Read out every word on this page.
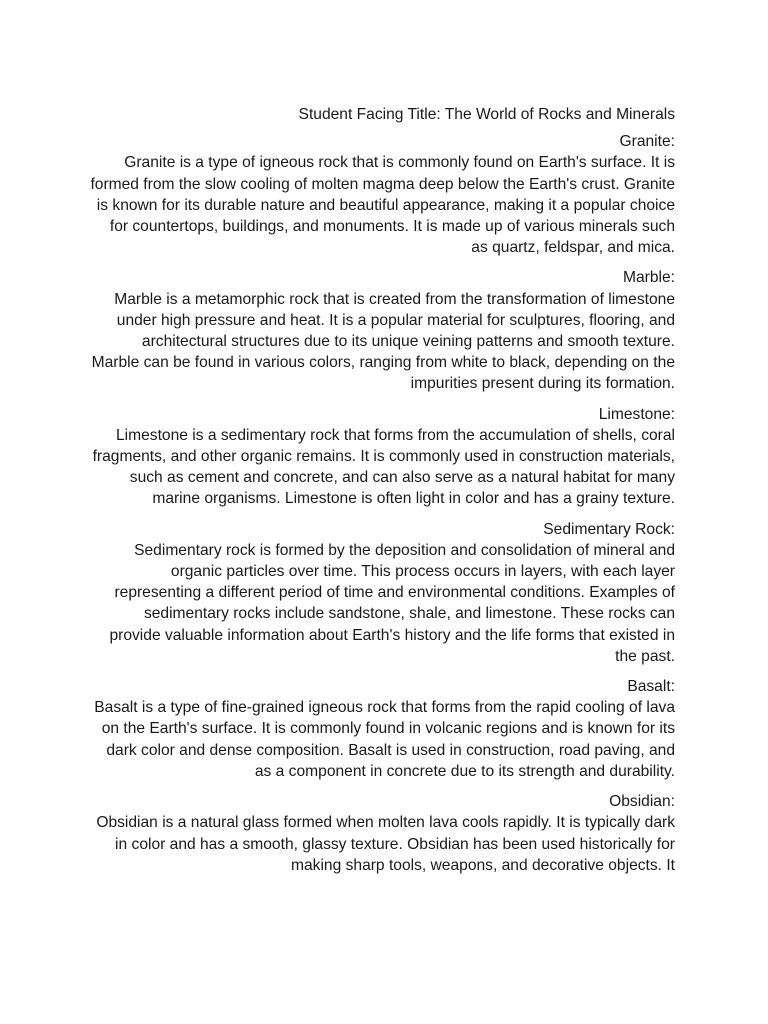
Student Facing Title: The World of Rocks and Minerals

Granite:

Granite is a type of igneous rock that is commonly found on Earth's surface. It is formed from the slow cooling of molten magma deep below the Earth's crust. Granite is known for its durable nature and beautiful appearance, making it a popular choice for countertops, buildings, and monuments. It is made up of various minerals such as quartz, feldspar, and mica.

Marble:

Marble is a metamorphic rock that is created from the transformation of limestone under high pressure and heat. It is a popular material for sculptures, flooring, and architectural structures due to its unique veining patterns and smooth texture. Marble can be found in various colors, ranging from white to black, depending on the impurities present during its formation.

Limestone:

Limestone is a sedimentary rock that forms from the accumulation of shells, coral fragments, and other organic remains. It is commonly used in construction materials, such as cement and concrete, and can also serve as a natural habitat for many marine organisms. Limestone is often light in color and has a grainy texture.

Sedimentary Rock:

Sedimentary rock is formed by the deposition and consolidation of mineral and organic particles over time. This process occurs in layers, with each layer representing a different period of time and environmental conditions. Examples of sedimentary rocks include sandstone, shale, and limestone. These rocks can provide valuable information about Earth's history and the life forms that existed in the past.

Basalt:

Basalt is a type of fine-grained igneous rock that forms from the rapid cooling of lava on the Earth's surface. It is commonly found in volcanic regions and is known for its dark color and dense composition. Basalt is used in construction, road paving, and as a component in concrete due to its strength and durability.

Obsidian:

Obsidian is a natural glass formed when molten lava cools rapidly. It is typically dark in color and has a smooth, glassy texture. Obsidian has been used historically for making sharp tools, weapons, and decorative objects. It
